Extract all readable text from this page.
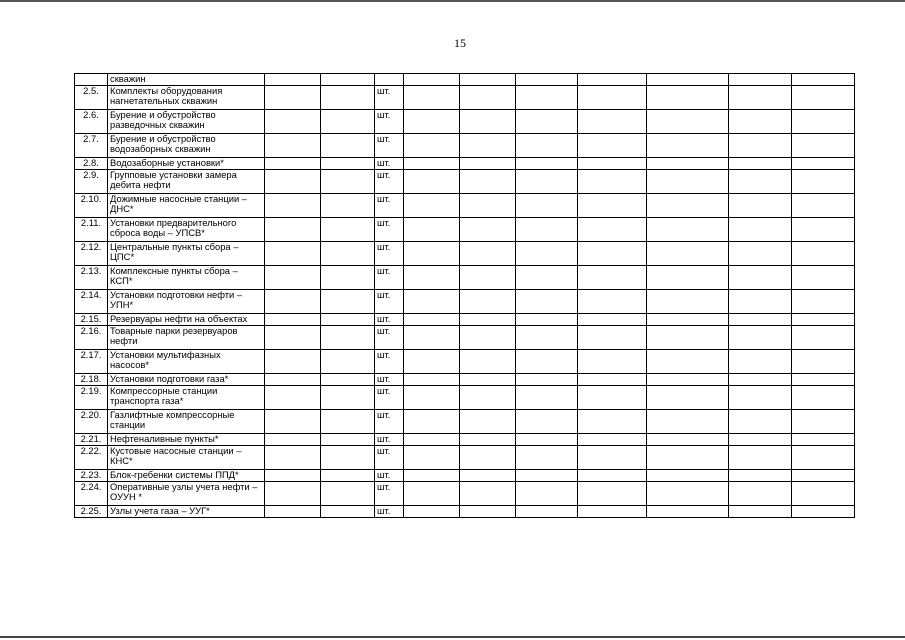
15
	скважин										
2.5.	Комплекты оборудования нагнетательных скважин			шт.							
2.6.	Бурение и обустройство разведочных скважин			шт.							
2.7.	Бурение и обустройство водозаборных скважин			шт.							
2.8.	Водозаборные установки*			шт.							
2.9.	Групповые установки замера дебита нефти			шт.							
2.10.	Дожимные насосные станции – ДНС*			шт.							
2.11.	Установки предварительного сброса воды – УПСВ*			шт.							
2.12.	Центральные пункты сбора – ЦПС*			шт.							
2.13.	Комплексные пункты сбора – КСП*			шт.							
2.14.	Установки подготовки нефти – УПН*			шт.							
2.15.	Резервуары нефти на объектах			шт.							
2.16.	Товарные парки резервуаров нефти			шт.							
2.17.	Установки мультифазных насосов*			шт.							
2.18.	Установки подготовки газа*			шт.							
2.19.	Компрессорные станции транспорта газа*			шт.							
2.20.	Газлифтные компрессорные станции			шт.							
2.21.	Нефтеналивные пункты*			шт.							
2.22.	Кустовые насосные станции – КНС*			шт.							
2.23.	Блок-гребенки системы ППД*			шт.							
2.24.	Оперативные узлы учета нефти – ОУУН *			шт.							
2.25.	Узлы учета газа – УУГ*			шт.							
